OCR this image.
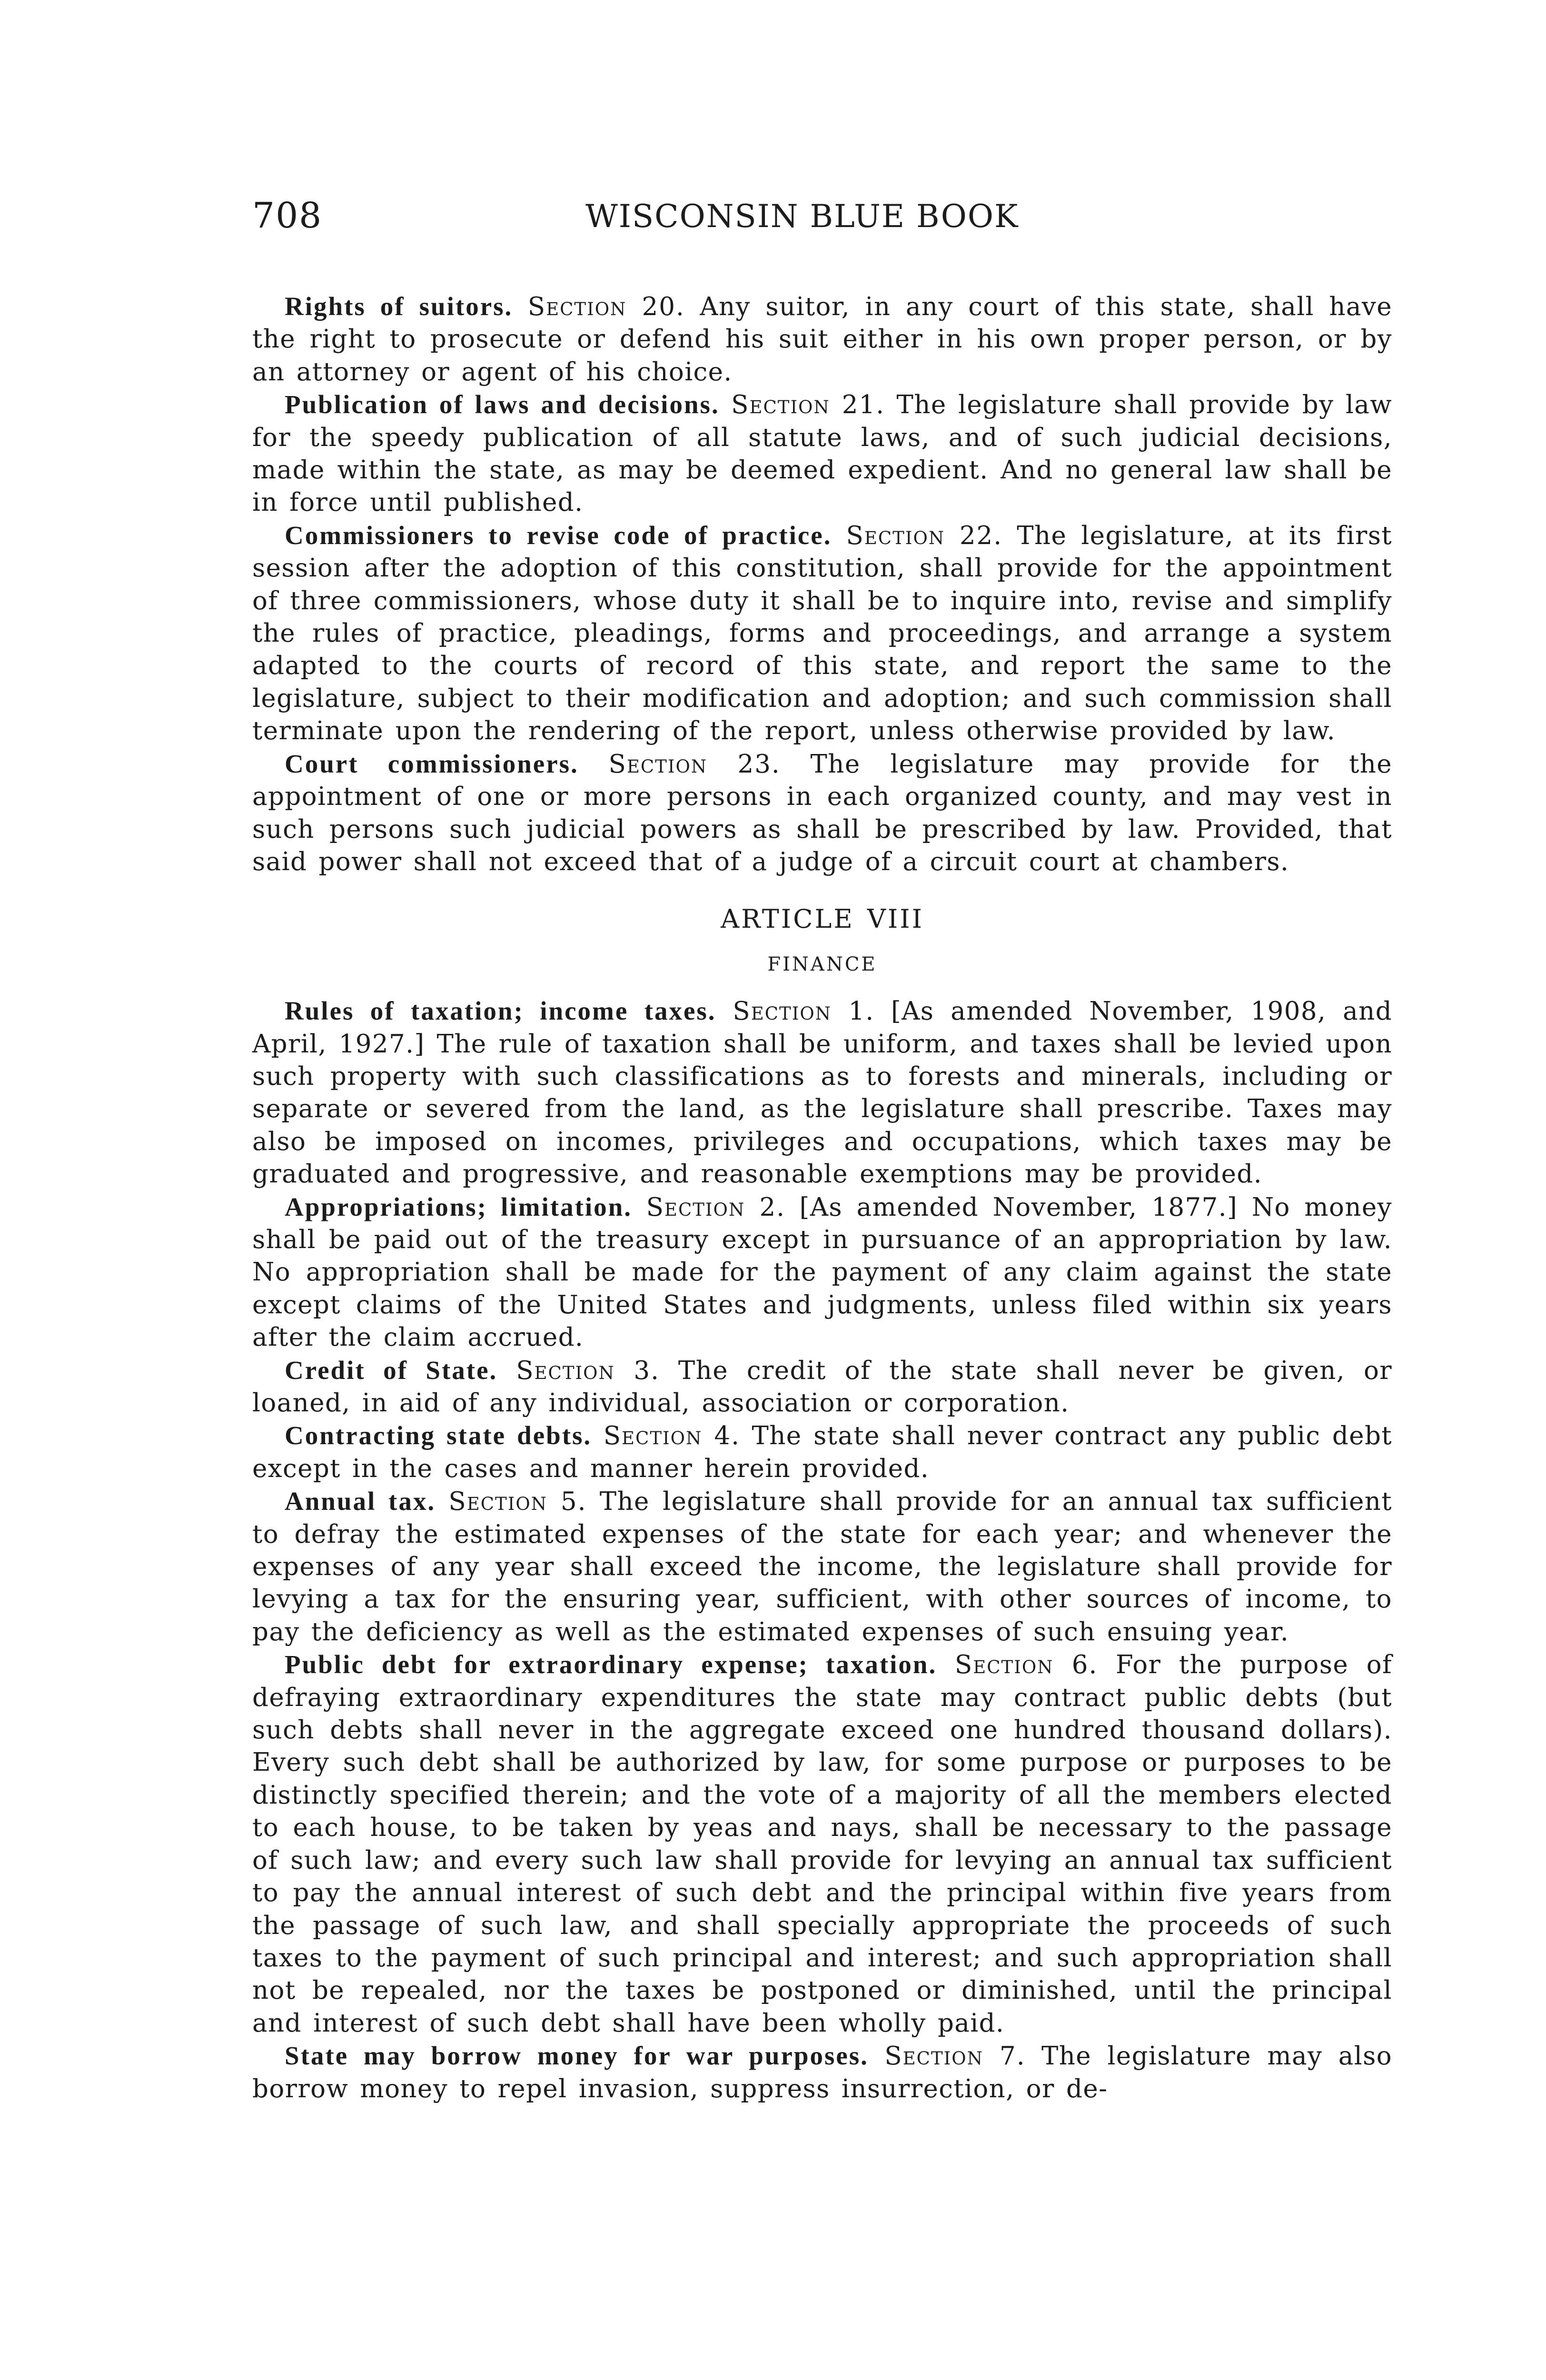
708	WISCONSIN BLUE BOOK

Rights of suitors. Section 20. Any suitor, in any court of this state, shall have the right to prosecute or defend his suit either in his own proper person, or by an attorney or agent of his choice.

Publication of laws and decisions. Section 21. The legislature shall provide by law for the speedy publication of all statute laws, and of such judicial decisions, made within the state, as may be deemed expedient. And no general law shall be in force until published.

Commissioners to revise code of practice. Section 22. The legislature, at its first session after the adoption of this constitution, shall provide for the appointment of three commissioners, whose duty it shall be to inquire into, revise and simplify the rules of practice, pleadings, forms and proceedings, and arrange a system adapted to the courts of record of this state, and report the same to the legislature, subject to their modification and adoption; and such commission shall terminate upon the rendering of the report, unless otherwise provided by law.

Court commissioners. Section 23. The legislature may provide for the appointment of one or more persons in each organized county, and may vest in such persons such judicial powers as shall be prescribed by law. Provided, that said power shall not exceed that of a judge of a circuit court at chambers.

ARTICLE VIII

FINANCE

Rules of taxation; income taxes. Section 1. [As amended November, 1908, and April, 1927.] The rule of taxation shall be uniform, and taxes shall be levied upon such property with such classifications as to forests and minerals, including or separate or severed from the land, as the legislature shall prescribe. Taxes may also be imposed on incomes, privileges and occupations, which taxes may be graduated and progressive, and reasonable exemptions may be provided.

Appropriations; limitation. Section 2. [As amended November, 1877.] No money shall be paid out of the treasury except in pursuance of an appropriation by law. No appropriation shall be made for the payment of any claim against the state except claims of the United States and judgments, unless filed within six years after the claim accrued.

Credit of State. Section 3. The credit of the state shall never be given, or loaned, in aid of any individual, association or corporation.

Contracting state debts. Section 4. The state shall never contract any public debt except in the cases and manner herein provided.

Annual tax. Section 5. The legislature shall provide for an annual tax sufficient to defray the estimated expenses of the state for each year; and whenever the expenses of any year shall exceed the income, the legislature shall provide for levying a tax for the ensuring year, sufficient, with other sources of income, to pay the deficiency as well as the estimated expenses of such ensuing year.

Public debt for extraordinary expense; taxation. Section 6. For the purpose of defraying extraordinary expenditures the state may contract public debts (but such debts shall never in the aggregate exceed one hundred thousand dollars). Every such debt shall be authorized by law, for some purpose or purposes to be distinctly specified therein; and the vote of a majority of all the members elected to each house, to be taken by yeas and nays, shall be necessary to the passage of such law; and every such law shall provide for levying an annual tax sufficient to pay the annual interest of such debt and the principal within five years from the passage of such law, and shall specially appropriate the proceeds of such taxes to the payment of such principal and interest; and such appropriation shall not be repealed, nor the taxes be postponed or diminished, until the principal and interest of such debt shall have been wholly paid.

State may borrow money for war purposes. Section 7. The legislature may also borrow money to repel invasion, suppress insurrection, or de-
